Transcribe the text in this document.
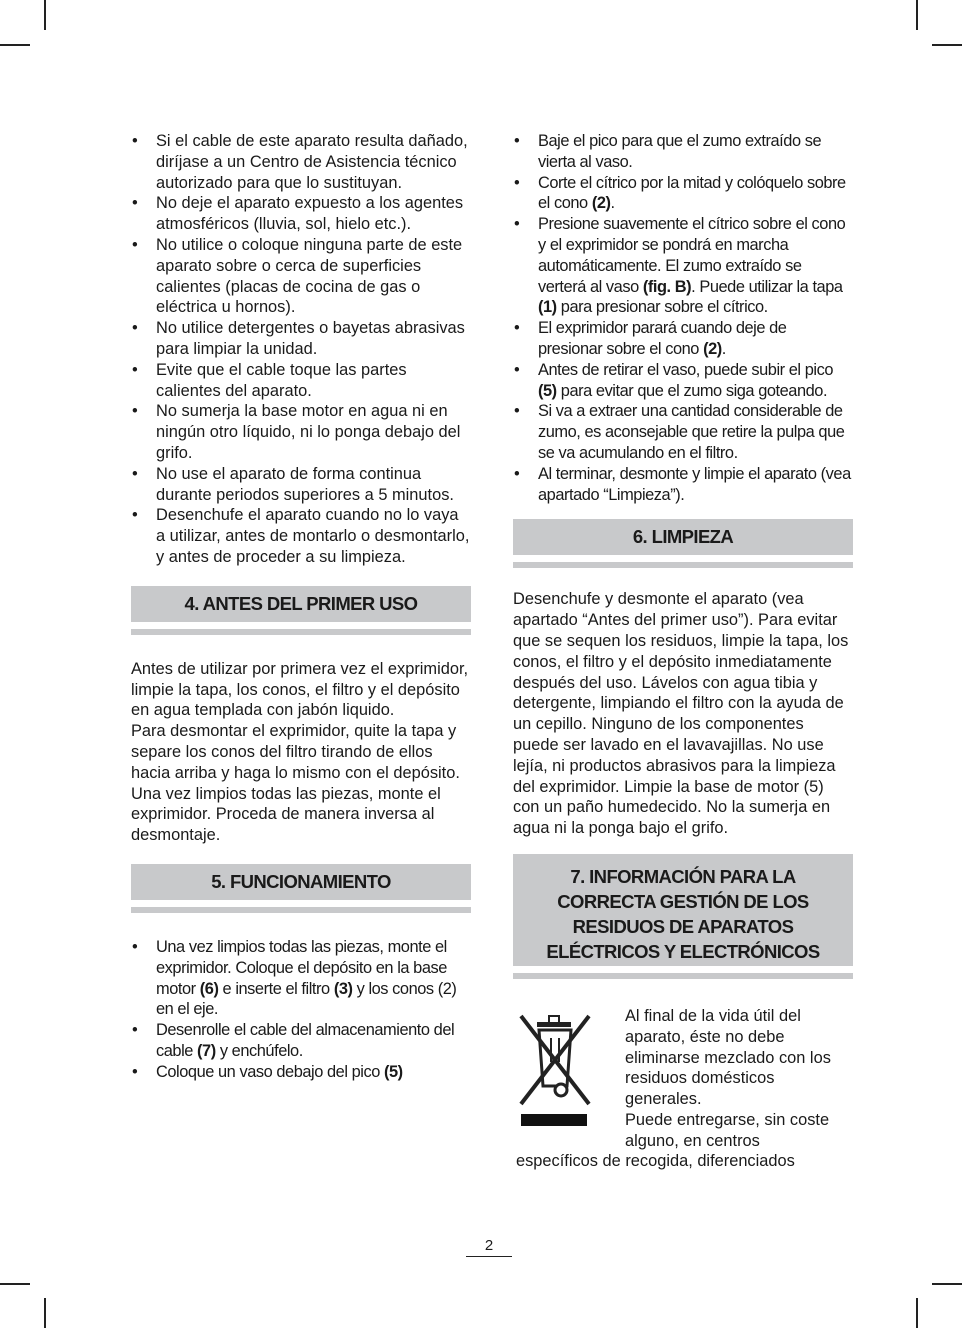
• Si el cable de este aparato resulta dañado, diríjase a un Centro de Asistencia técnico autorizado para que lo sustituyan.
• No deje el aparato expuesto a los agentes atmosféricos (lluvia, sol, hielo etc.).
• No utilice o coloque ninguna parte de este aparato sobre o cerca de superficies calientes (placas de cocina de gas o eléctrica u hornos).
• No utilice detergentes o bayetas abrasivas para limpiar la unidad.
• Evite que el cable toque las partes calientes del aparato.
• No sumerja la base motor en agua ni en ningún otro líquido, ni lo ponga debajo del grifo.
• No use el aparato de forma continua durante periodos superiores a 5 minutos.
• Desenchufe el aparato cuando no lo vaya a utilizar, antes de montarlo o desmontarlo, y antes de proceder a su limpieza.
4. ANTES DEL PRIMER USO

Antes de utilizar por primera vez el exprimidor, limpie la tapa, los conos, el filtro y el depósito en agua templada con jabón liquido.

Para desmontar el exprimidor, quite la tapa y separe los conos del filtro tirando de ellos hacia arriba y haga lo mismo con el depósito.

Una vez limpios todas las piezas, monte el exprimidor. Proceda de manera inversa al desmontaje.

5. FUNCIONAMIENTO
• Una vez limpios todas las piezas, monte el exprimidor. Coloque el depósito en la base motor (6) e inserte el filtro (3) y los conos (2) en el eje.
• Desenrolle el cable del almacenamiento del cable (7) y enchúfelo.
• Coloque un vaso debajo del pico (5)
• Baje el pico para que el zumo extraído se vierta al vaso.
• Corte el cítrico por la mitad y colóquelo sobre el cono (2).
• Presione suavemente el cítrico sobre el cono y el exprimidor se pondrá en marcha automáticamente. El zumo extraído se verterá al vaso (fig. B). Puede utilizar la tapa (1) para presionar sobre el cítrico.
• El exprimidor parará cuando deje de presionar sobre el cono (2).
• Antes de retirar el vaso, puede subir el pico (5) para evitar que el zumo siga goteando.
• Si va a extraer una cantidad considerable de zumo, es aconsejable que retire la pulpa que se va acumulando en el filtro.
• Al terminar, desmonte y limpie el aparato (vea apartado “Limpieza”).
6. LIMPIEZA

Desenchufe y desmonte el aparato (vea apartado “Antes del primer uso”). Para evitar que se sequen los residuos, limpie la tapa, los conos, el filtro y el depósito inmediatamente después del uso. Lávelos con agua tibia y detergente, limpiando el filtro con la ayuda de un cepillo. Ninguno de los componentes puede ser lavado en el lavavajillas. No use lejía, ni productos abrasivos para la limpieza del exprimidor. Limpie la base de motor (5) con un paño humedecido. No la sumerja en agua ni la ponga bajo el grifo.

7. INFORMACIÓN PARA LA CORRECTA GESTIÓN DE LOS RESIDUOS DE APARATOS ELÉCTRICOS Y ELECTRÓNICOS

Al final de la vida útil del aparato, éste no debe eliminarse mezclado con los residuos domésticos generales.

Puede entregarse, sin coste alguno, en centros

específicos de recogida, diferenciados

2
